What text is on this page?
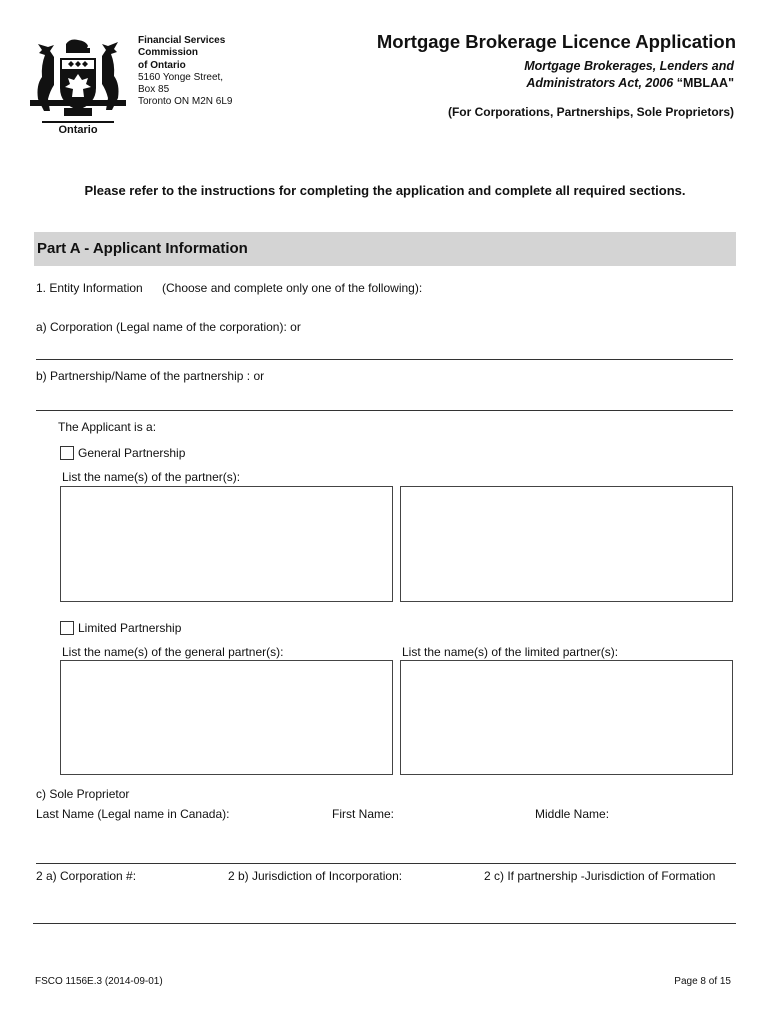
Ontario
Financial Services
Commission
of Ontario
5160 Yonge Street,
Box 85
Toronto ON M2N 6L9
Mortgage Brokerage Licence Application
Mortgage Brokerages, Lenders and
Administrators Act, 2006 “MBLAA"
(For Corporations, Partnerships, Sole Proprietors)
Please refer to the instructions for completing the application and complete all required sections.
Part A - Applicant Information
1. Entity Information (Choose and complete only one of the following):
a) Corporation (Legal name of the corporation): or
b) Partnership/Name of the partnership : or
The Applicant is a:
General Partnership
List the name(s) of the partner(s):
Limited Partnership
List the name(s) of the general partner(s):	List the name(s) of the limited partner(s):
c) Sole Proprietor
Last Name (Legal name in Canada):	First Name:	Middle Name:
2 a) Corporation #:	2 b) Jurisdiction of Incorporation:	2 c) If partnership -Jurisdiction of Formation
FSCO 1156E.3 (2014-09-01)	Page 8 of 15
